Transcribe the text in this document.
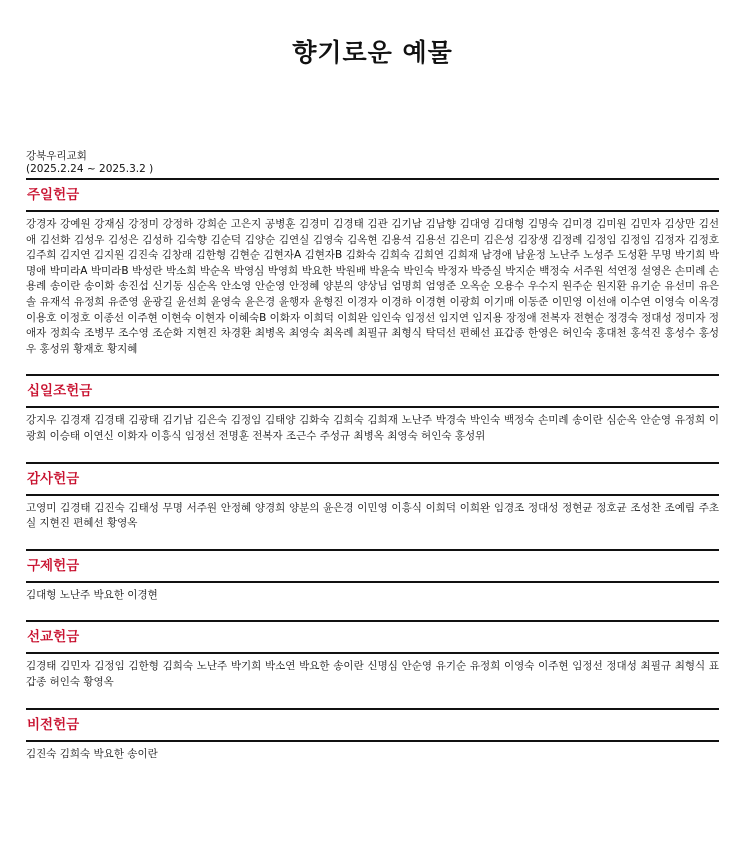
향기로운 예물
강북우리교회
(2025.2.24 ~ 2025.3.2 )
주일헌금
강경자 강예원 강재심 강정미 강정하 강희순 고은지 공병훈 김경미 김경태 김관 김기남 김남향 김대영 김대형 김명숙 김미경 김미원 김민자 김상만 김선애 김선화 김성우 김성은 김성하 김숙향 김순덕 김양순 김연실 김영숙 김옥현 김용석 김용선 김은미 김은성 김장생 김정례 김정임 김정임 김정자 김정호 김주희 김지연 김지원 김진숙 김창래 김한형 김현순 김현자A 김현자B 김화숙 김희숙 김희연 김희재 남경애 남윤정 노난주 노성주 도성환 무명 박기희 박명애 박미라A 박미라B 박성란 박소희 박순옥 박영심 박영희 박요한 박원배 박윤숙 박인숙 박정자 박증실 박지순 백정숙 서주원 석연정 설영은 손미례 손용례 송이란 송이화 송진섭 신기동 심순옥 안소영 안순영 안정혜 양분의 양상님 엄명희 엄영준 오옥순 오용수 우수지 원주순 원지환 유기순 유선미 유은솔 유재석 유정희 유준영 윤광길 윤선희 윤영숙 윤은경 윤행자 윤형진 이경자 이경하 이경현 이광희 이기매 이동준 이민영 이선애 이수연 이영숙 이옥경 이용호 이정호 이종선 이주현 이현숙 이현자 이혜숙B 이화자 이희덕 이희완 임인숙 임정선 임지연 임지용 장정애 전복자 전현순 정경숙 정대성 정미자 정애자 정희숙 조병무 조수영 조순화 지현진 차경환 최병옥 최영숙 최옥례 최필규 최형식 탁덕선 편혜선 표갑종 한영은 허인숙 홍대천 홍석진 홍성수 홍성우 홍성위 황재호 황지혜
십일조헌금
강지우 김경재 김경태 김광태 김기남 김은숙 김정임 김태양 김화숙 김희숙 김희재 노난주 박경숙 박인숙 백정숙 손미례 송이란 심순옥 안순영 유정희 이광희 이승태 이연신 이화자 이흥식 임정선 전명훈 전복자 조근수 주성규 최병옥 최영숙 허인숙 홍성위
감사헌금
고영미 김경태 김진숙 김태성 무명 서주원 안정혜 양경희 양분의 윤은경 이민영 이흥식 이희덕 이희완 임경조 정대성 정현균 정호균 조성찬 조예림 주초실 지현진 편혜선 황영옥
구제헌금
김대형 노난주 박요한 이경현
선교헌금
김경태 김민자 김정임 김한형 김희숙 노난주 박기희 박소연 박요한 송이란 신명심 안순영 유기순 유정희 이영숙 이주현 임정선 정대성 최필규 최형식 표갑종 허인숙 황영옥
비전헌금
김진숙 김희숙 박요한 송이란
